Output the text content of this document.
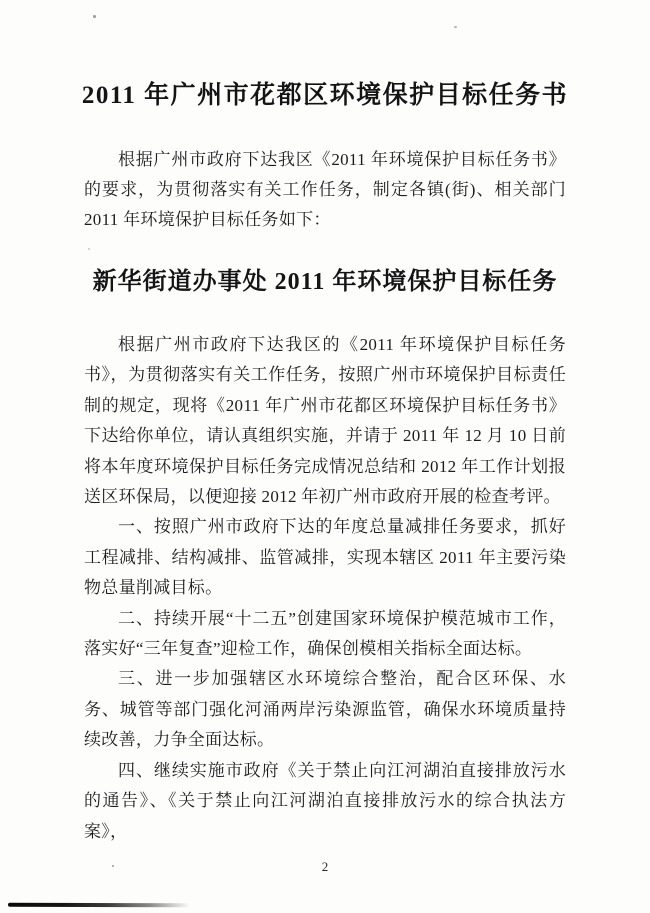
2011 年广州市花都区环境保护目标任务书

根据广州市政府下达我区《2011 年环境保护目标任务书》的要求，为贯彻落实有关工作任务，制定各镇(街)、相关部门 2011 年环境保护目标任务如下：

新华街道办事处 2011 年环境保护目标任务

根据广州市政府下达我区的《2011 年环境保护目标任务书》，为贯彻落实有关工作任务，按照广州市环境保护目标责任制的规定，现将《2011 年广州市花都区环境保护目标任务书》下达给你单位，请认真组织实施，并请于 2011 年 12 月 10 日前将本年度环境保护目标任务完成情况总结和 2012 年工作计划报送区环保局，以便迎接 2012 年初广州市政府开展的检查考评。

一、按照广州市政府下达的年度总量减排任务要求，抓好工程减排、结构减排、监管减排，实现本辖区 2011 年主要污染物总量削减目标。

二、持续开展“十二五”创建国家环境保护模范城市工作，落实好“三年复查”迎检工作，确保创模相关指标全面达标。

三、进一步加强辖区水环境综合整治，配合区环保、水务、城管等部门强化河涌两岸污染源监管，确保水环境质量持续改善，力争全面达标。

四、继续实施市政府《关于禁止向江河湖泊直接排放污水的通告》、《关于禁止向江河湖泊直接排放污水的综合执法方案》，

2
